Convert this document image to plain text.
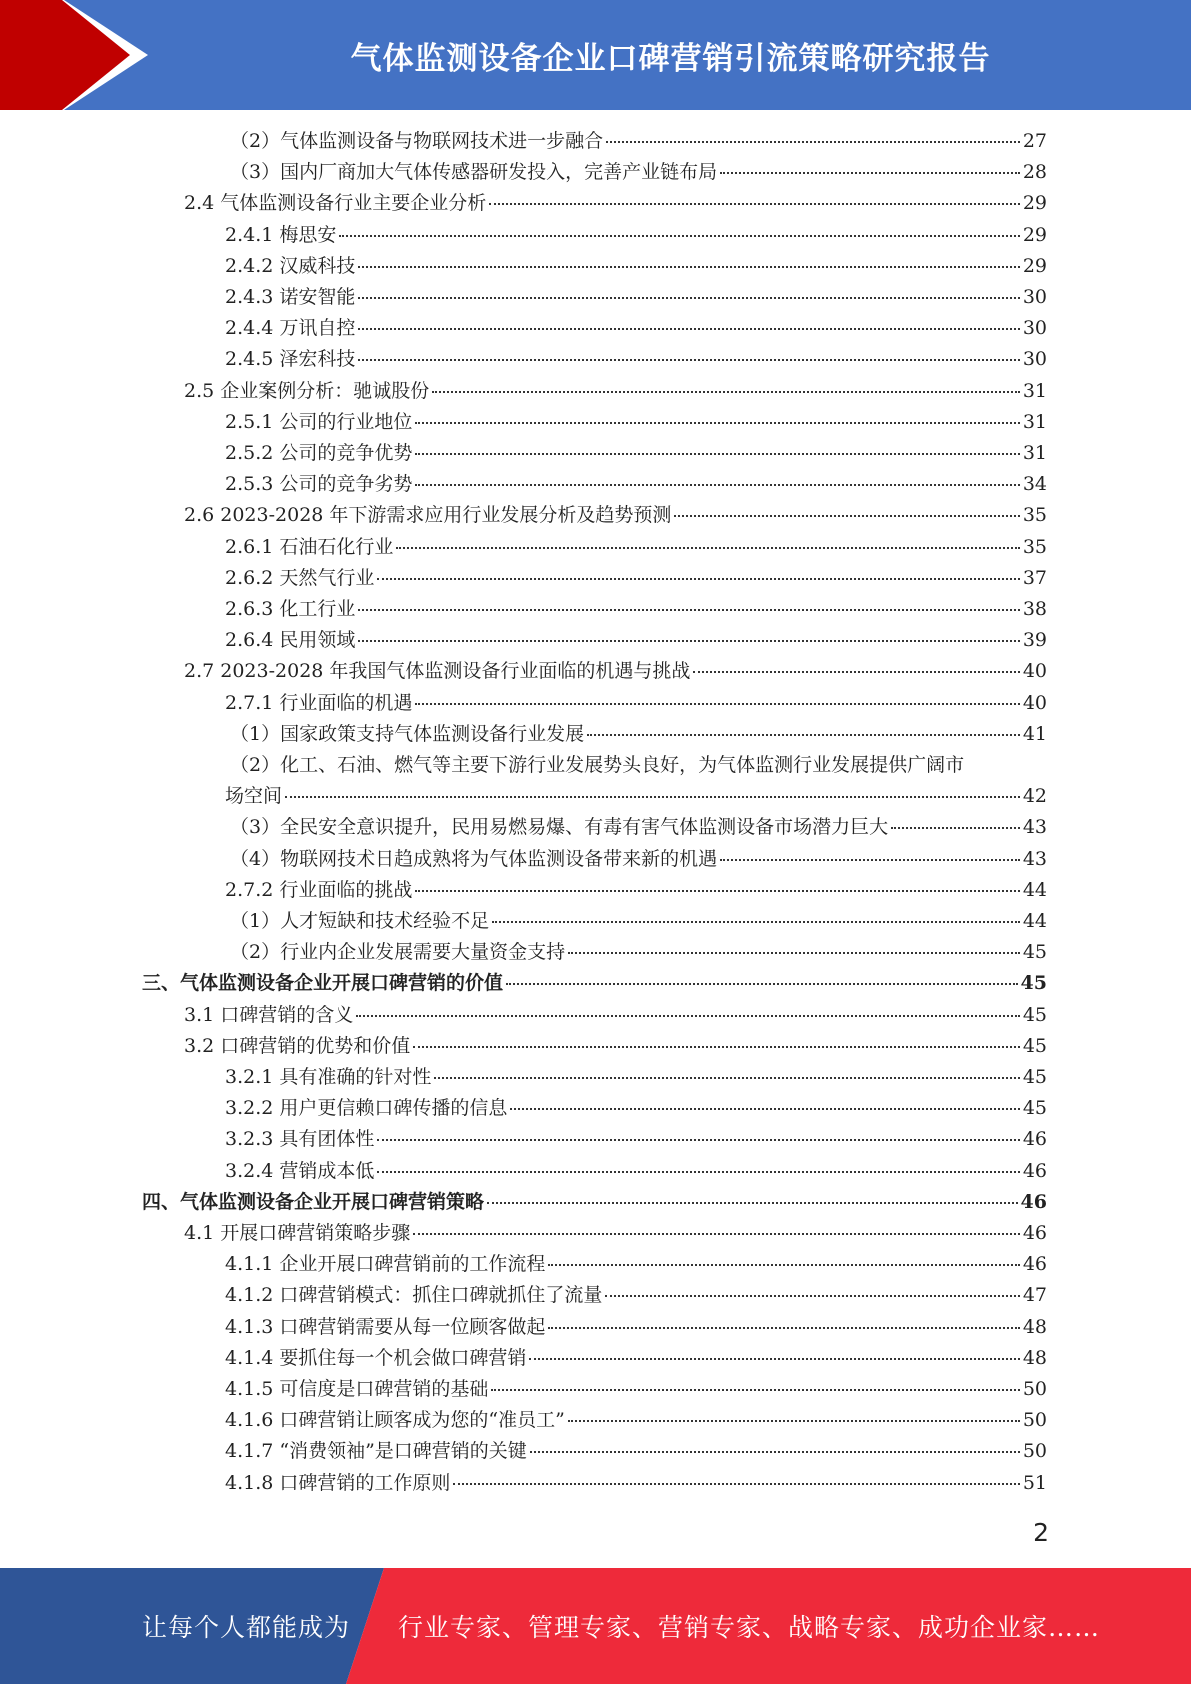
气体监测设备企业口碑营销引流策略研究报告
（2）气体监测设备与物联网技术进一步融合	27
（3）国内厂商加大气体传感器研发投入，完善产业链布局	28
2.4 气体监测设备行业主要企业分析	29
2.4.1 梅思安	29
2.4.2 汉威科技	29
2.4.3 诺安智能	30
2.4.4 万讯自控	30
2.4.5 泽宏科技	30
2.5 企业案例分析：驰诚股份	31
2.5.1 公司的行业地位	31
2.5.2 公司的竞争优势	31
2.5.3 公司的竞争劣势	34
2.6 2023-2028 年下游需求应用行业发展分析及趋势预测	35
2.6.1 石油石化行业	35
2.6.2 天然气行业	37
2.6.3 化工行业	38
2.6.4 民用领域	39
2.7 2023-2028 年我国气体监测设备行业面临的机遇与挑战	40
2.7.1 行业面临的机遇	40
（1）国家政策支持气体监测设备行业发展	41
（2）化工、石油、燃气等主要下游行业发展势头良好，为气体监测行业发展提供广阔市
场空间	42
（3）全民安全意识提升，民用易燃易爆、有毒有害气体监测设备市场潜力巨大	43
（4）物联网技术日趋成熟将为气体监测设备带来新的机遇	43
2.7.2 行业面临的挑战	44
（1）人才短缺和技术经验不足	44
（2）行业内企业发展需要大量资金支持	45
三、气体监测设备企业开展口碑营销的价值	45
3.1 口碑营销的含义	45
3.2 口碑营销的优势和价值	45
3.2.1 具有准确的针对性	45
3.2.2 用户更信赖口碑传播的信息	45
3.2.3 具有团体性	46
3.2.4 营销成本低	46
四、气体监测设备企业开展口碑营销策略	46
4.1 开展口碑营销策略步骤	46
4.1.1 企业开展口碑营销前的工作流程	46
4.1.2 口碑营销模式：抓住口碑就抓住了流量	47
4.1.3 口碑营销需要从每一位顾客做起	48
4.1.4 要抓住每一个机会做口碑营销	48
4.1.5 可信度是口碑营销的基础	50
4.1.6 口碑营销让顾客成为您的“准员工”	50
4.1.7 “消费领袖”是口碑营销的关键	50
4.1.8 口碑营销的工作原则	51
2
让每个人都能成为 行业专家、管理专家、营销专家、战略专家、成功企业家……
